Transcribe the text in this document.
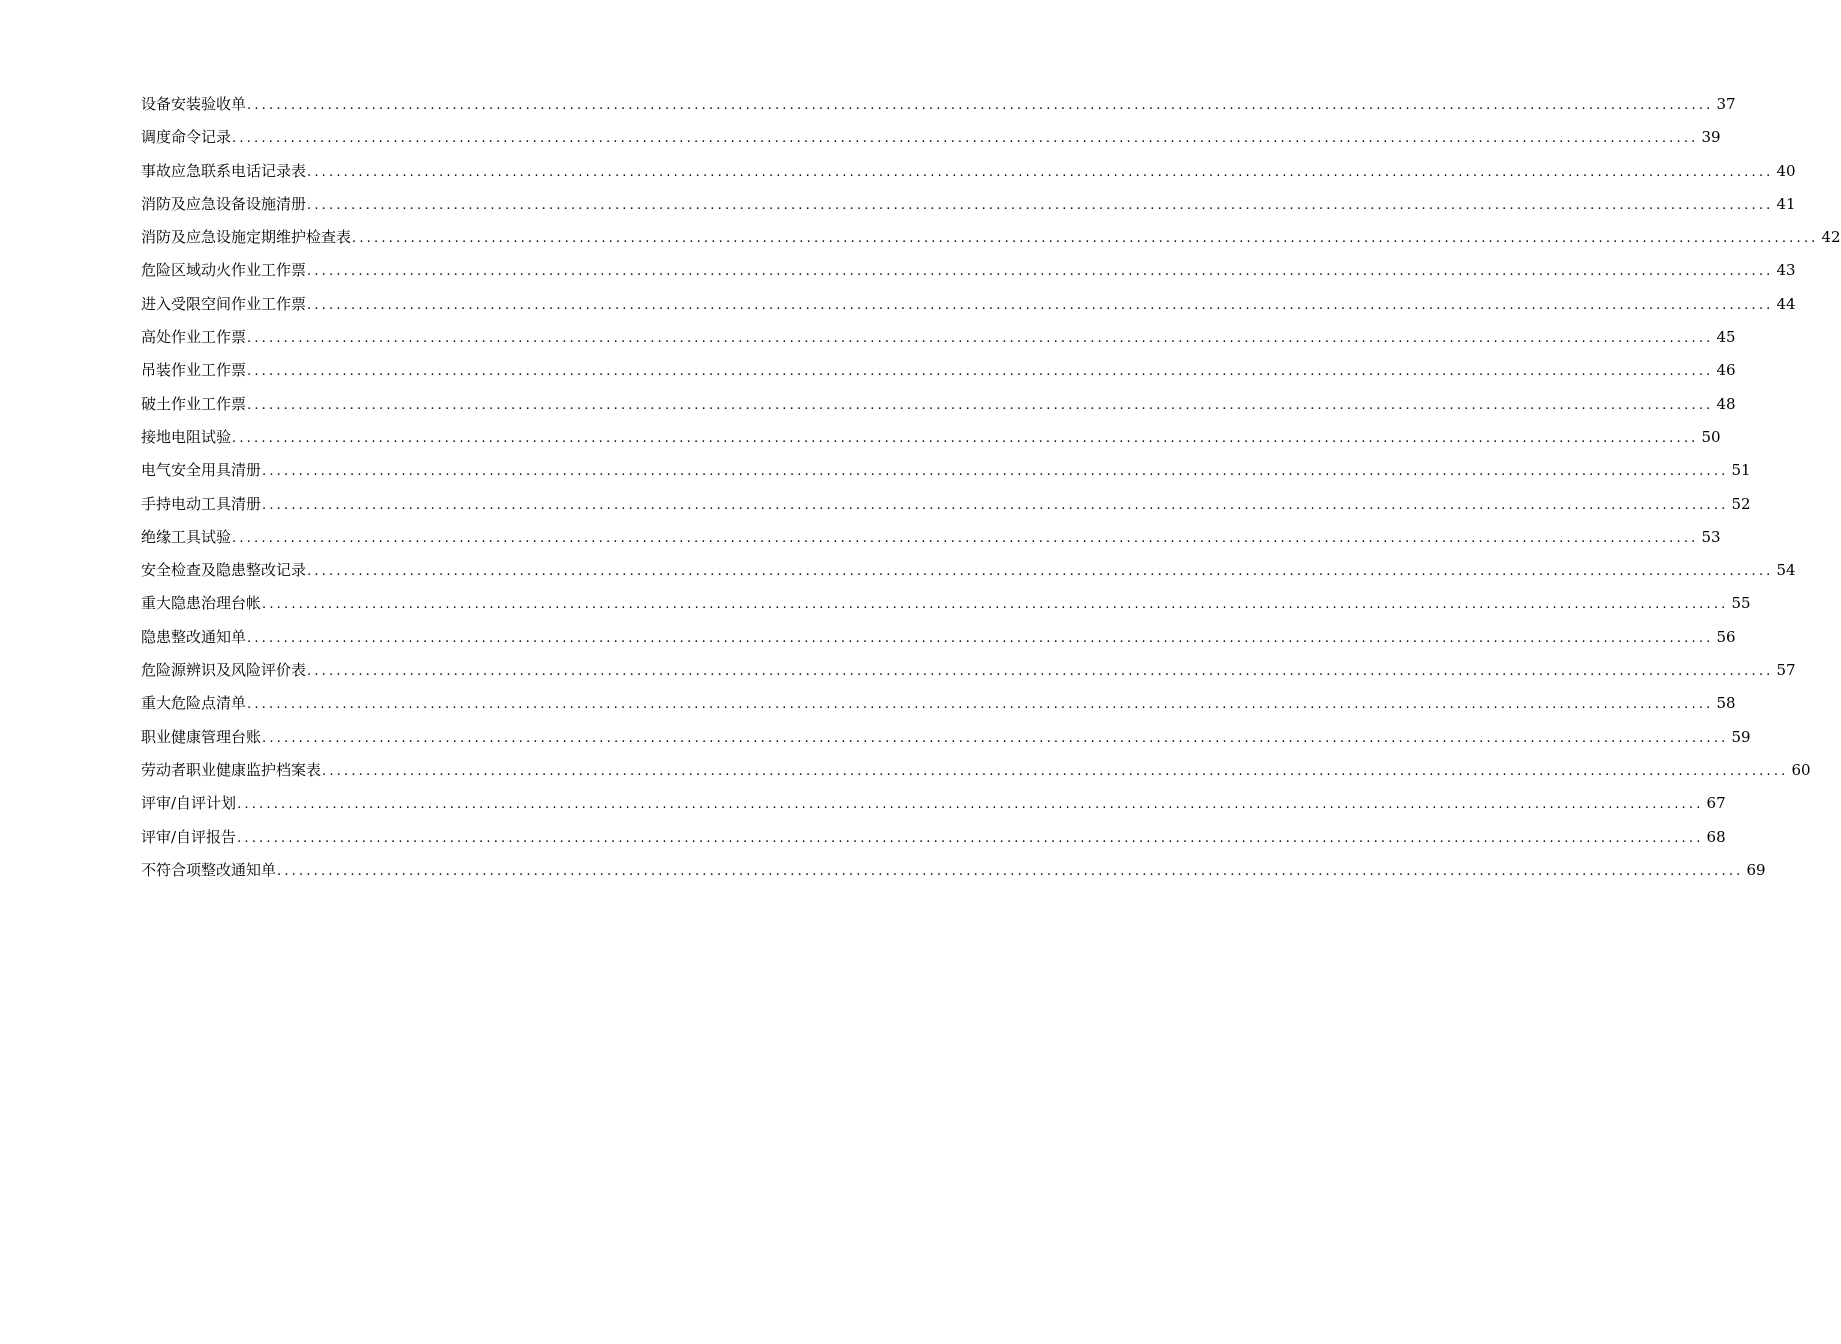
设备安装验收单 ........................................................................................................................................................................................................ 37
调度命令记录 ........................................................................................................................................................................................................ 39
事故应急联系电话记录表 ........................................................................................................................................................................................................ 40
消防及应急设备设施清册 ........................................................................................................................................................................................................ 41
消防及应急设施定期维护检查表 ........................................................................................................................................................................................................ 42
危险区域动火作业工作票 ........................................................................................................................................................................................................ 43
进入受限空间作业工作票 ........................................................................................................................................................................................................ 44
高处作业工作票 ........................................................................................................................................................................................................ 45
吊装作业工作票 ........................................................................................................................................................................................................ 46
破土作业工作票 ........................................................................................................................................................................................................ 48
接地电阻试验 ........................................................................................................................................................................................................ 50
电气安全用具清册 ........................................................................................................................................................................................................ 51
手持电动工具清册 ........................................................................................................................................................................................................ 52
绝缘工具试验 ........................................................................................................................................................................................................ 53
安全检查及隐患整改记录 ........................................................................................................................................................................................................ 54
重大隐患治理台帐 ........................................................................................................................................................................................................ 55
隐患整改通知单 ........................................................................................................................................................................................................ 56
危险源辨识及风险评价表 ........................................................................................................................................................................................................ 57
重大危险点清单 ........................................................................................................................................................................................................ 58
职业健康管理台账 ........................................................................................................................................................................................................ 59
劳动者职业健康监护档案表 ........................................................................................................................................................................................................ 60
评审/自评计划 ........................................................................................................................................................................................................ 67
评审/自评报告 ........................................................................................................................................................................................................ 68
不符合项整改通知单 ........................................................................................................................................................................................................ 69
